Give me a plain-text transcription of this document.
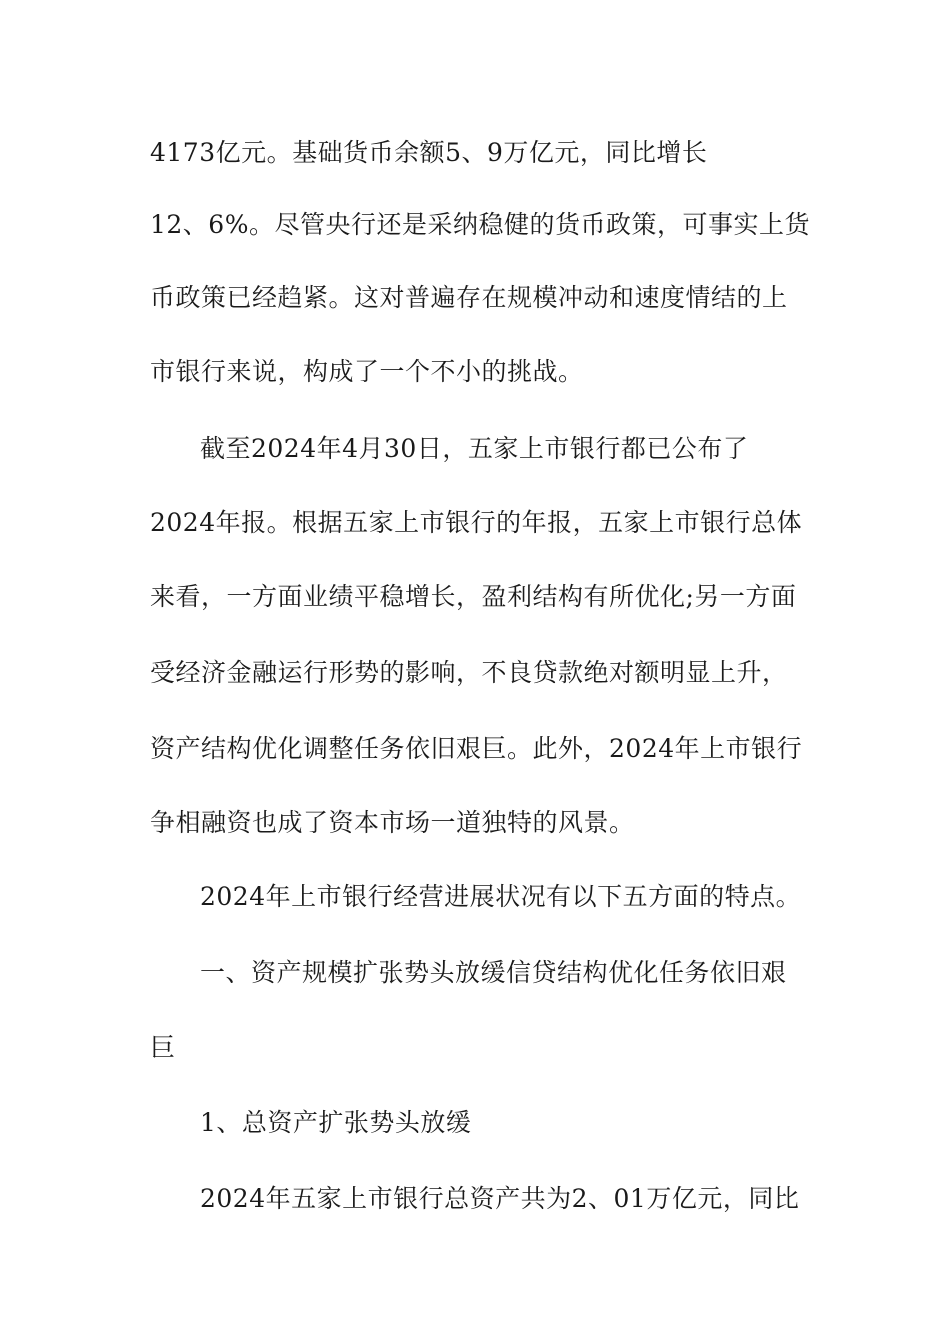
4173亿元。基础货币余额5、9万亿元，同比增长
12、6%。尽管央行还是采纳稳健的货币政策，可事实上货
币政策已经趋紧。这对普遍存在规模冲动和速度情结的上
市银行来说，构成了一个不小的挑战。
截至2024年4月30日，五家上市银行都已公布了
2024年报。根据五家上市银行的年报，五家上市银行总体
来看，一方面业绩平稳增长，盈利结构有所优化;另一方面
受经济金融运行形势的影响，不良贷款绝对额明显上升，
资产结构优化调整任务依旧艰巨。此外，2024年上市银行
争相融资也成了资本市场一道独特的风景。
2024年上市银行经营进展状况有以下五方面的特点。
一、资产规模扩张势头放缓信贷结构优化任务依旧艰
巨
1、总资产扩张势头放缓
2024年五家上市银行总资产共为2、01万亿元，同比
